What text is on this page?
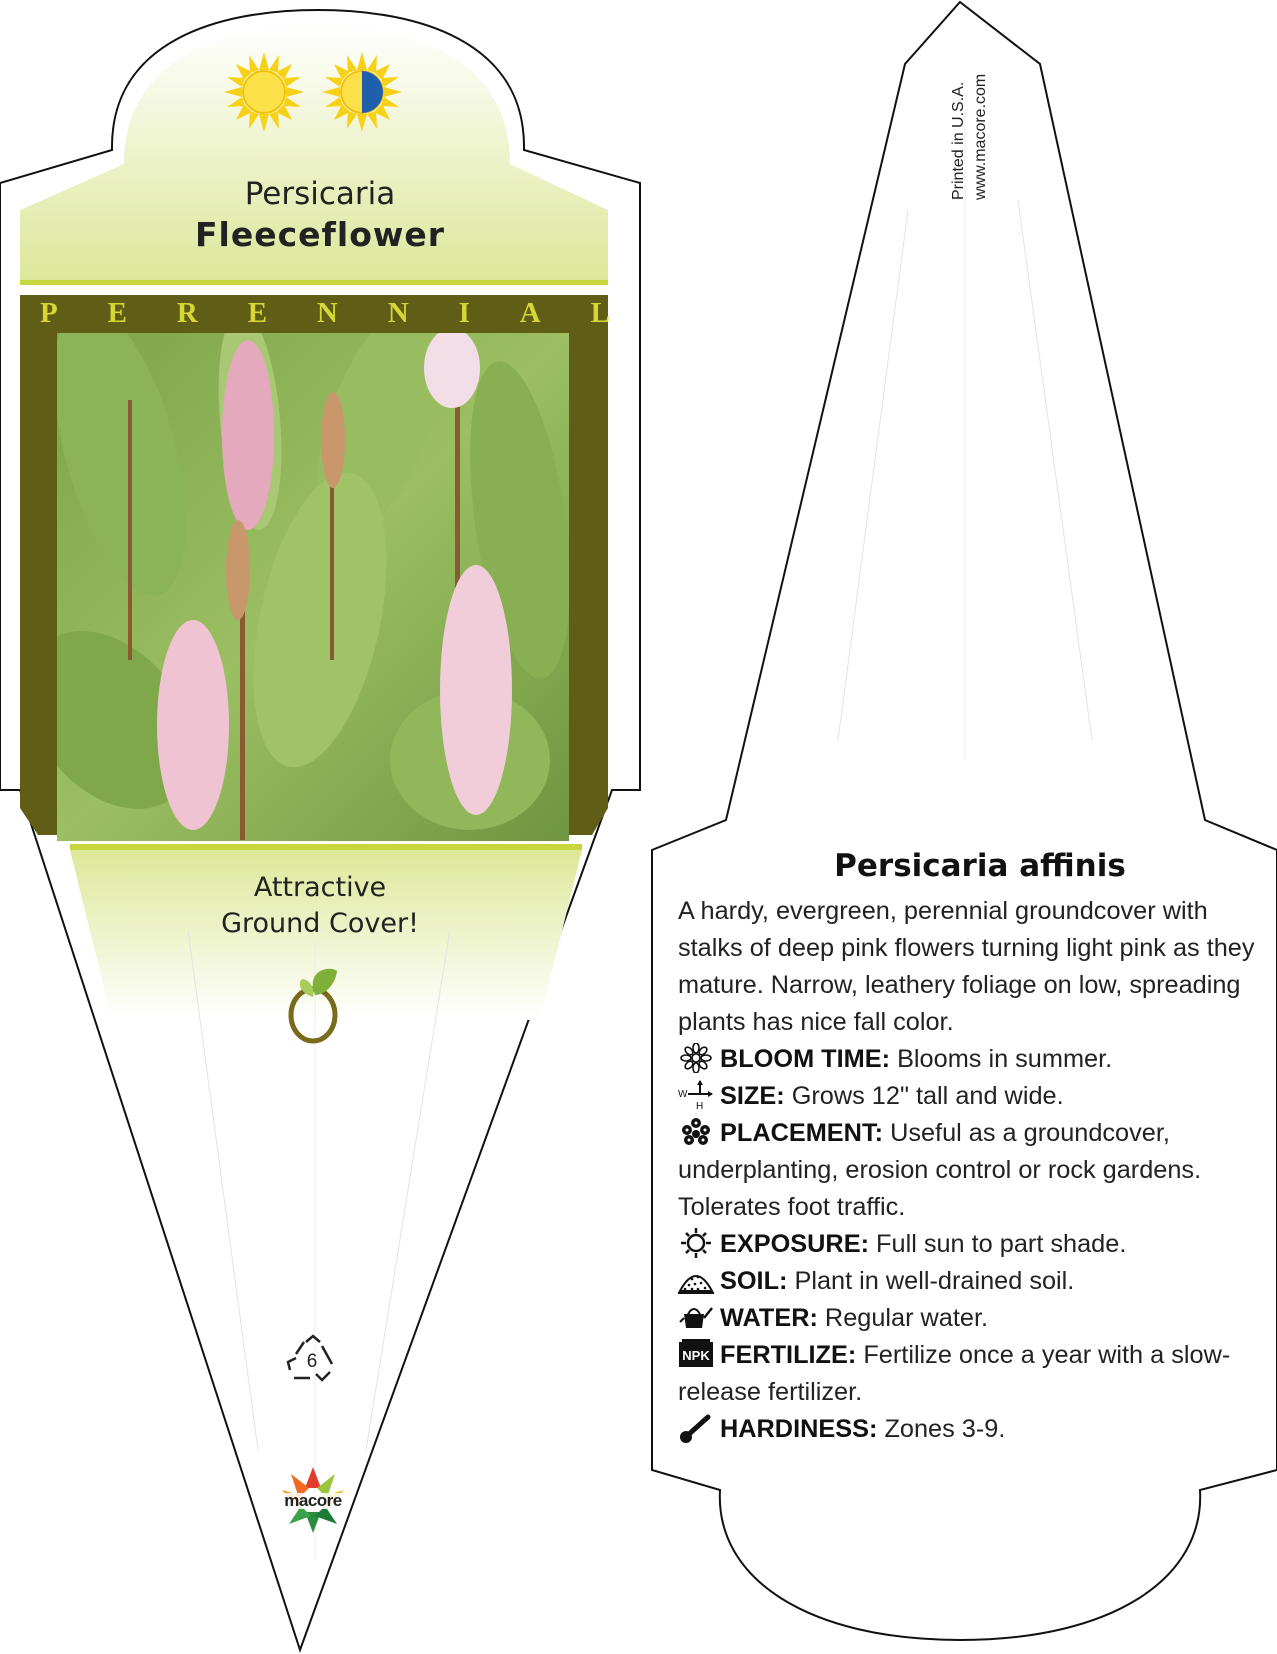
Persicaria
Fleeceflower
P E R E N N I A L
Attractive
Ground Cover!
6
macore
Printed in U.S.A. www.macore.com
Persicaria affinis

A hardy, evergreen, perennial groundcover with stalks of deep pink flowers turning light pink as they mature. Narrow, leathery foliage on low, spreading plants has nice fall color.

BLOOM TIME: Blooms in summer.

W
H SIZE: Grows 12" tall and wide.

PLACEMENT: Useful as a groundcover, underplanting, erosion control or rock gardens. Tolerates foot traffic.

EXPOSURE: Full sun to part shade.

SOIL: Plant in well-drained soil.

WATER: Regular water.

NPK FERTILIZE: Fertilize once a year with a slow-release fertilizer.

HARDINESS: Zones 3-9.
